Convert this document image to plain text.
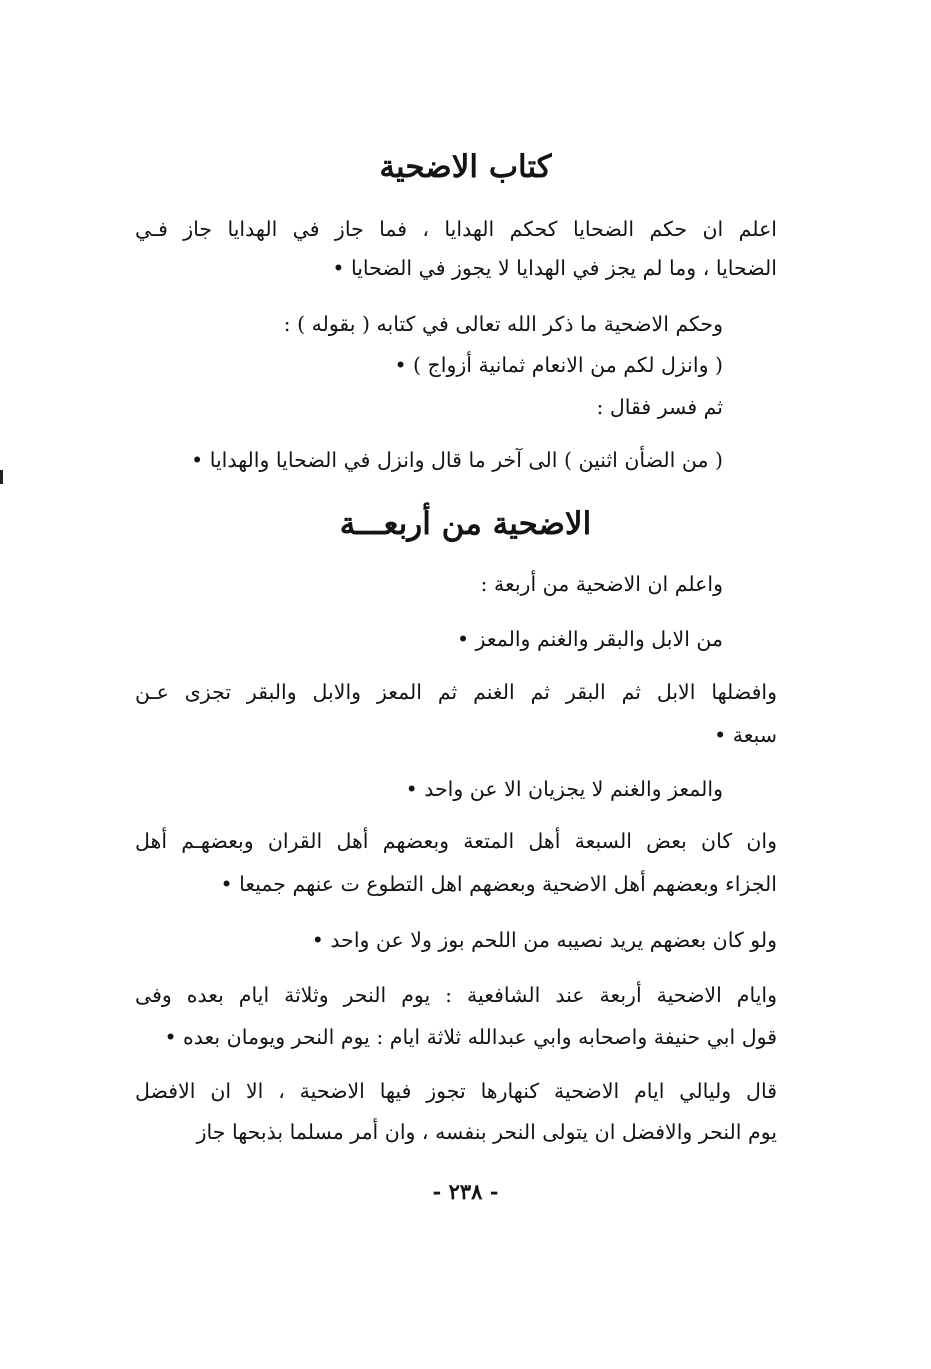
كتاب الاضحية
اعلم ان حكم الضحايا كحكم الهدايا ، فما جاز في الهدايا جاز فـي
الضحايا ، وما لم يجز في الهدايا لا يجوز في الضحايا •
وحكم الاضحية ما ذكر الله تعالى في كتابه ( بقوله ) :
( وانزل لكم من الانعام ثمانية أزواج ) •
ثم فسر فقال :
( من الضأن اثنين ) الى آخر ما قال وانزل في الضحايا والهدايا •
الاضحية من أربعـــة
واعلم ان الاضحية من أربعة :
من الابل والبقر والغنم والمعز •
وافضلها الابل ثم البقر ثم الغنم ثم المعز والابل والبقر تجزى عـن
سبعة •
والمعز والغنم لا يجزيان الا عن واحد •
وان كان بعض السبعة أهل المتعة وبعضهم أهل القران وبعضهـم أهل
الجزاء وبعضهم أهل الاضحية وبعضهم اهل التطوع ت عنهم جميعا •
ولو كان بعضهم يريد نصيبه من اللحم بوز ولا عن واحد •
وايام الاضحية أربعة عند الشافعية : يوم النحر وثلاثة ايام بعده وفى
قول ابي حنيفة واصحابه وابي عبدالله ثلاثة ايام : يوم النحر ويومان بعده •
قال وليالي ايام الاضحية كنهارها تجوز فيها الاضحية ، الا ان الافضل
يوم النحر والافضل ان يتولى النحر بنفسه ، وان أمر مسلما بذبحها جاز
- ٢٣٨ -
